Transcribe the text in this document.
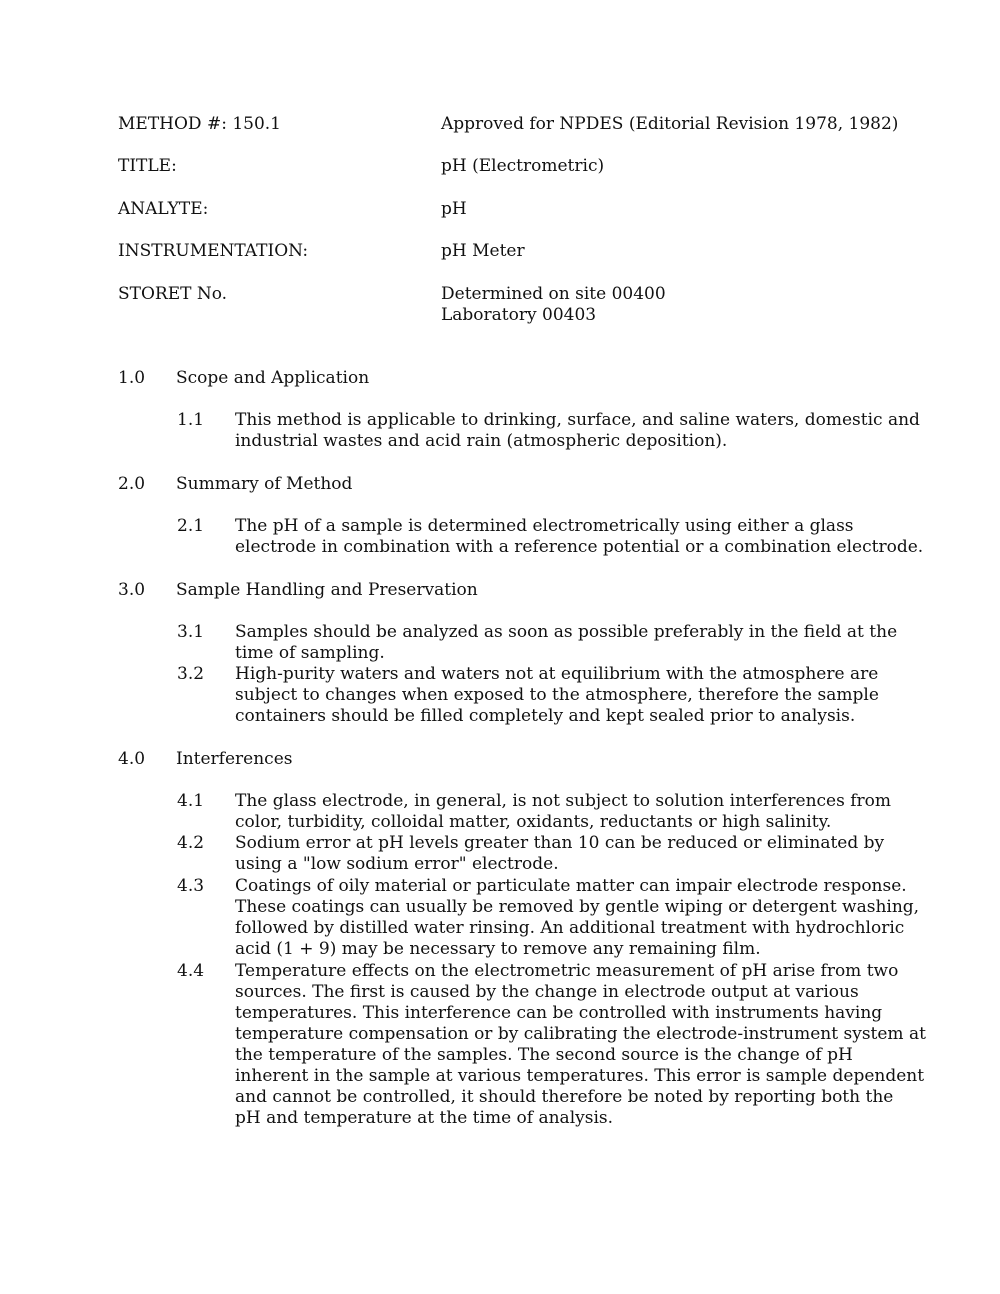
METHOD #: 150.1	Approved for NPDES (Editorial Revision 1978, 1982)
TITLE:	pH (Electrometric)
ANALYTE:	pH
INSTRUMENTATION:	pH Meter
STORET No.	Determined on site 00400
Laboratory 00403
1.0 Scope and Application
1.1 This method is applicable to drinking, surface, and saline waters, domestic and
industrial wastes and acid rain (atmospheric deposition).
2.0 Summary of Method
2.1 The pH of a sample is determined electrometrically using either a glass
electrode in combination with a reference potential or a combination electrode.
3.0 Sample Handling and Preservation
3.1 Samples should be analyzed as soon as possible preferably in the field at the
time of sampling.
3.2 High-purity waters and waters not at equilibrium with the atmosphere are
subject to changes when exposed to the atmosphere, therefore the sample
containers should be filled completely and kept sealed prior to analysis.
4.0 Interferences
4.1 The glass electrode, in general, is not subject to solution interferences from
color, turbidity, colloidal matter, oxidants, reductants or high salinity.
4.2 Sodium error at pH levels greater than 10 can be reduced or eliminated by
using a "low sodium error" electrode.
4.3 Coatings of oily material or particulate matter can impair electrode response.
These coatings can usually be removed by gentle wiping or detergent washing,
followed by distilled water rinsing. An additional treatment with hydrochloric
acid (1 + 9) may be necessary to remove any remaining film.
4.4 Temperature effects on the electrometric measurement of pH arise from two
sources. The first is caused by the change in electrode output at various
temperatures. This interference can be controlled with instruments having
temperature compensation or by calibrating the electrode-instrument system at
the temperature of the samples. The second source is the change of pH
inherent in the sample at various temperatures. This error is sample dependent
and cannot be controlled, it should therefore be noted by reporting both the
pH and temperature at the time of analysis.
